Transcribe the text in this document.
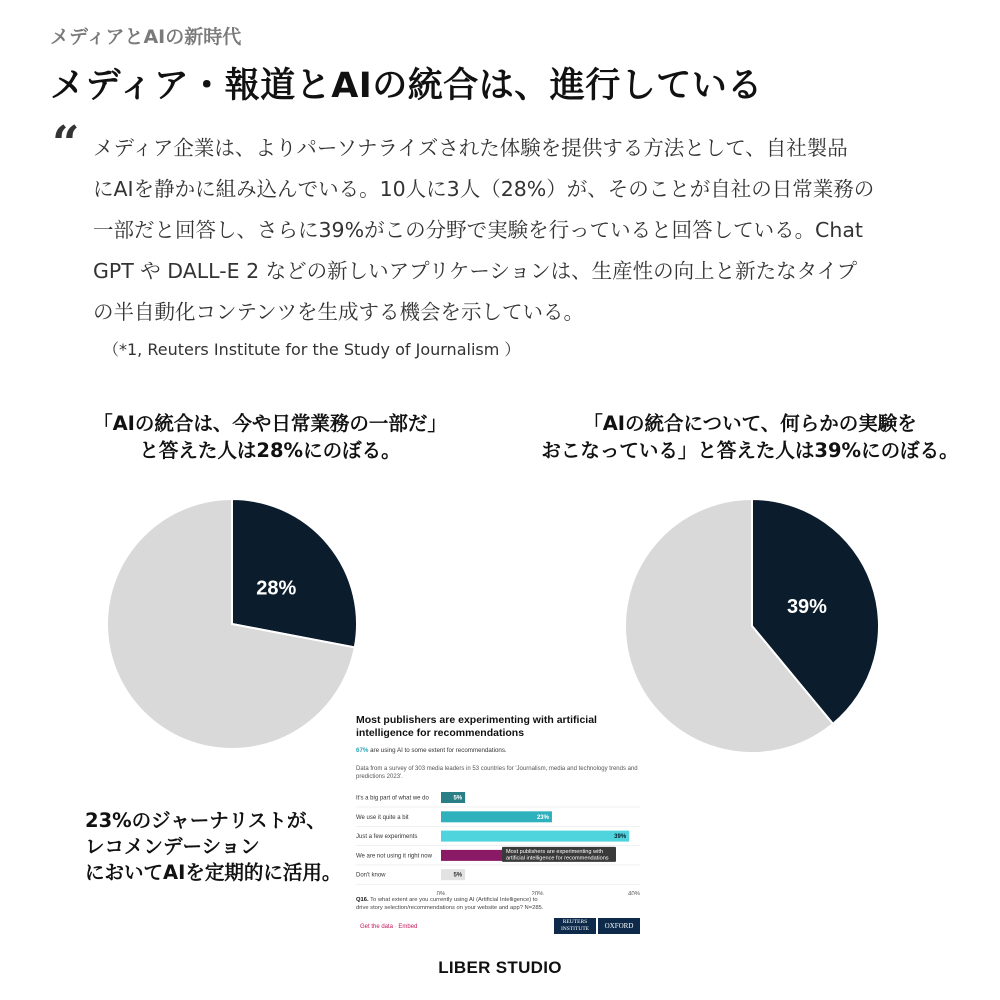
メディアとAIの新時代
メディア・報道とAIの統合は、進行している
“ メディア企業は、よりパーソナライズされた体験を提供する方法として、自社製品
にAIを静かに組み込んでいる。10人に3人（28%）が、そのことが自社の日常業務の
一部だと回答し、さらに39%がこの分野で実験を行っていると回答している。Chat
GPT や DALL-E 2 などの新しいアプリケーションは、生産性の向上と新たなタイプ
の半自動化コンテンツを生成する機会を示している。
（*1, Reuters Institute for the Study of Journalism ）
「AIの統合は、今や日常業務の一部だ」
と答えた人は28%にのぼる。
「AIの統合について、何らかの実験を
おこなっている」と答えた人は39%にのぼる。
28%
39%
23%のジャーナリストが、
レコメンデーション
においてAIを定期的に活用。
Most publishers are experimenting with artificial intelligence for recommendations
67% are using AI to some extent for recommendations.
Data from a survey of 303 media leaders in 53 countries for 'Journalism, media and technology trends and predictions 2023'.
It's a big part of what we do	5%
We use it quite a bit	23%
Just a few experiments	39%
We are not using it right now
Don't know	5%
0%	20%	40%
Most publishers are experimenting with
artificial intelligence for recommendations
Q16. To what extent are you currently using AI (Artificial Intelligence) to drive story selection/recommendations on your website and app? N=285.
Get the data · Embed
REUTERS
INSTITUTE	OXFORD
LIBER STUDIO
